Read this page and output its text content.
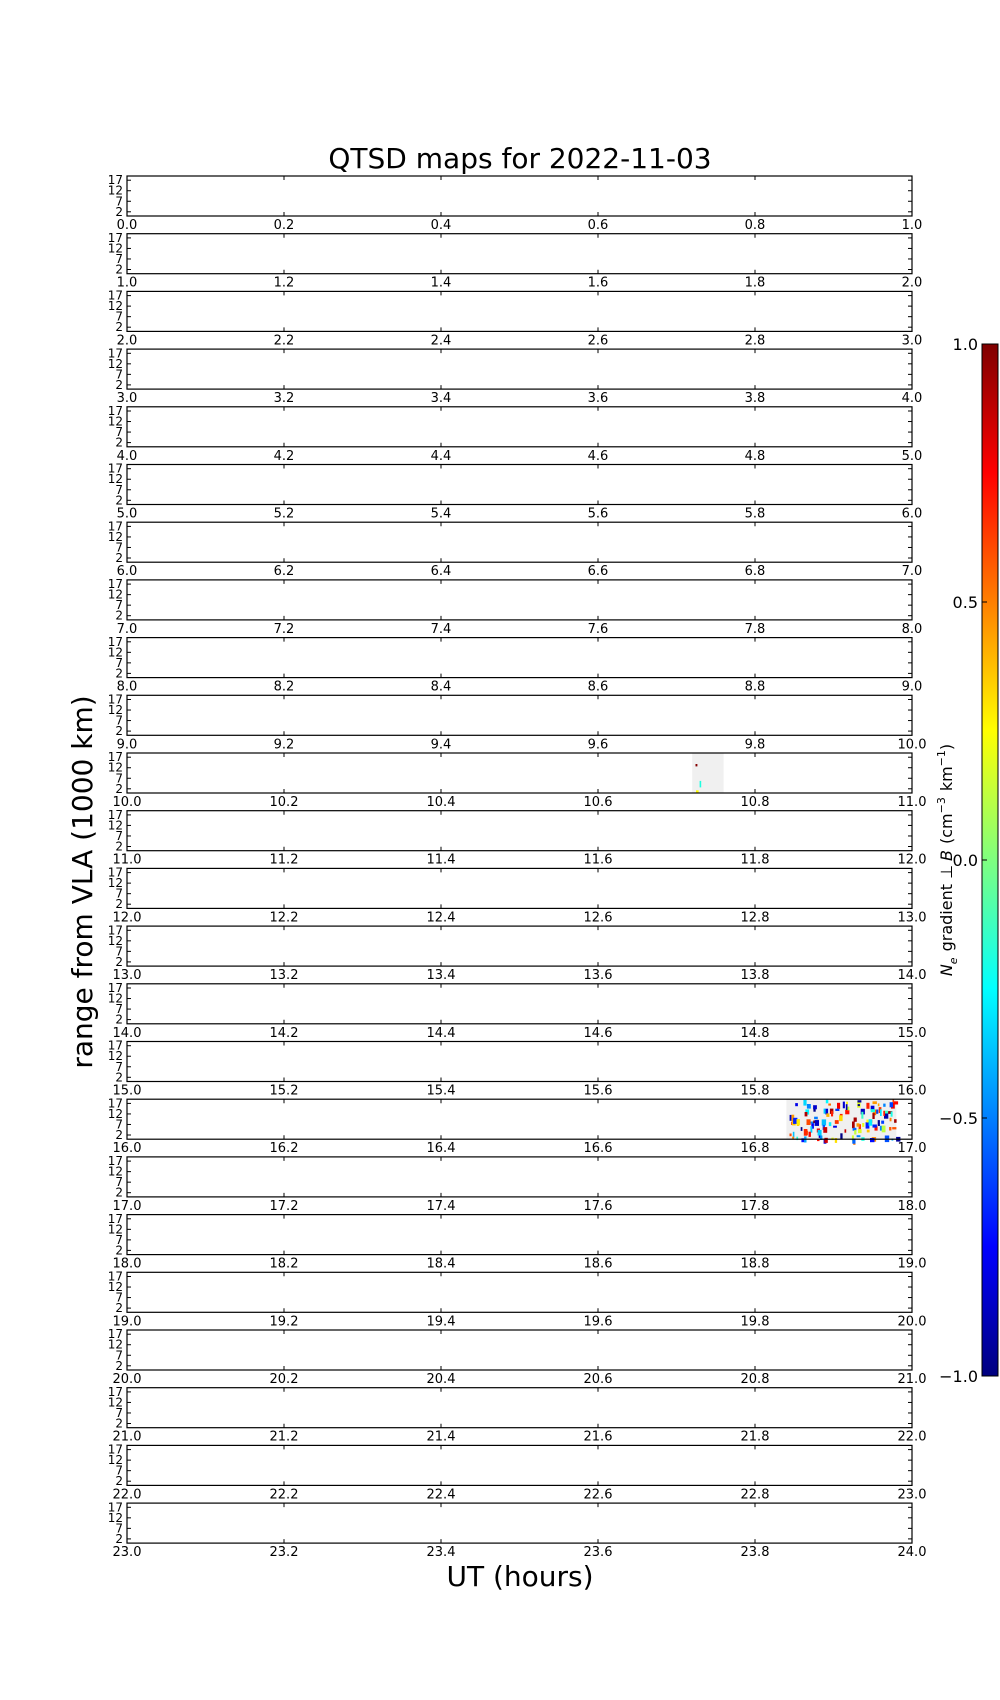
QTSD maps for 2022-11-03
range from VLA (1000 km)
UT (hours)
0.0	0.2	0.4	0.6	0.8	1.0
2
7
12
17
1.0	1.2	1.4	1.6	1.8	2.0
2
7
12
17
2.0	2.2	2.4	2.6	2.8	3.0
2
7
12
17
3.0	3.2	3.4	3.6	3.8	4.0
2
7
12
17
4.0	4.2	4.4	4.6	4.8	5.0
2
7
12
17
5.0	5.2	5.4	5.6	5.8	6.0
2
7
12
17
6.0	6.2	6.4	6.6	6.8	7.0
2
7
12
17
7.0	7.2	7.4	7.6	7.8	8.0
2
7
12
17
8.0	8.2	8.4	8.6	8.8	9.0
2
7
12
17
9.0	9.2	9.4	9.6	9.8	10.0
2
7
12
17
10.0	10.2	10.4	10.6	10.8	11.0
2
7
12
17
11.0	11.2	11.4	11.6	11.8	12.0
2
7
12
17
12.0	12.2	12.4	12.6	12.8	13.0
2
7
12
17
13.0	13.2	13.4	13.6	13.8	14.0
2
7
12
17
14.0	14.2	14.4	14.6	14.8	15.0
2
7
12
17
15.0	15.2	15.4	15.6	15.8	16.0
2
7
12
17
16.0	16.2	16.4	16.6	16.8	17.0
2
7
12
17
17.0	17.2	17.4	17.6	17.8	18.0
2
7
12
17
18.0	18.2	18.4	18.6	18.8	19.0
2
7
12
17
19.0	19.2	19.4	19.6	19.8	20.0
2
7
12
17
20.0	20.2	20.4	20.6	20.8	21.0
2
7
12
17
21.0	21.2	21.4	21.6	21.8	22.0
2
7
12
17
22.0	22.2	22.4	22.6	22.8	23.0
2
7
12
17
23.0	23.2	23.4	23.6	23.8	24.0
2
7
12
17
1.0
0.5
0.0
−0.5
−1.0
$N_egradient$ $\perp B(cm^{-3}km^{-1})$
